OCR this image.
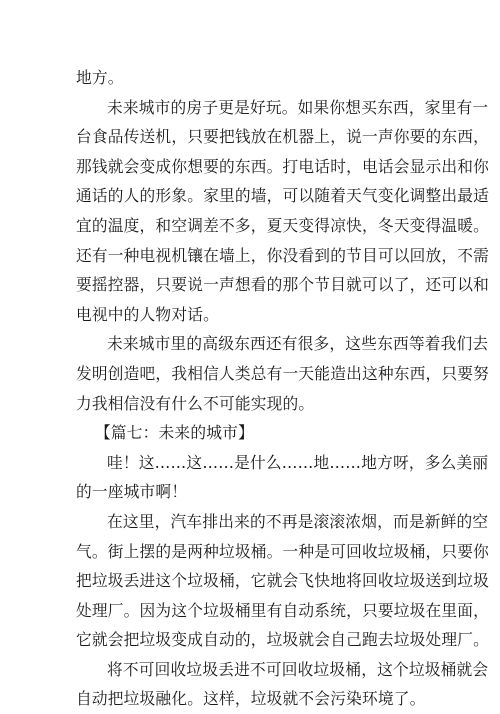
地方。
未来城市的房子更是好玩。如果你想买东西，家里有一
台食品传送机，只要把钱放在机器上，说一声你要的东西，
那钱就会变成你想要的东西。打电话时，电话会显示出和你
通话的人的形象。家里的墙，可以随着天气变化调整出最适
宜的温度，和空调差不多，夏天变得凉快，冬天变得温暖。
还有一种电视机镶在墙上，你没看到的节目可以回放，不需
要摇控器，只要说一声想看的那个节目就可以了，还可以和
电视中的人物对话。
未来城市里的高级东西还有很多，这些东西等着我们去
发明创造吧，我相信人类总有一天能造出这种东西，只要努
力我相信没有什么不可能实现的。
【篇七：未来的城市】
哇！这……这……是什么……地……地方呀，多么美丽
的一座城市啊！
在这里，汽车排出来的不再是滚滚浓烟，而是新鲜的空
气。街上摆的是两种垃圾桶。一种是可回收垃圾桶，只要你
把垃圾丢进这个垃圾桶，它就会飞快地将回收垃圾送到垃圾
处理厂。因为这个垃圾桶里有自动系统，只要垃圾在里面，
它就会把垃圾变成自动的，垃圾就会自己跑去垃圾处理厂。
将不可回收垃圾丢进不可回收垃圾桶，这个垃圾桶就会
自动把垃圾融化。这样，垃圾就不会污染环境了。
